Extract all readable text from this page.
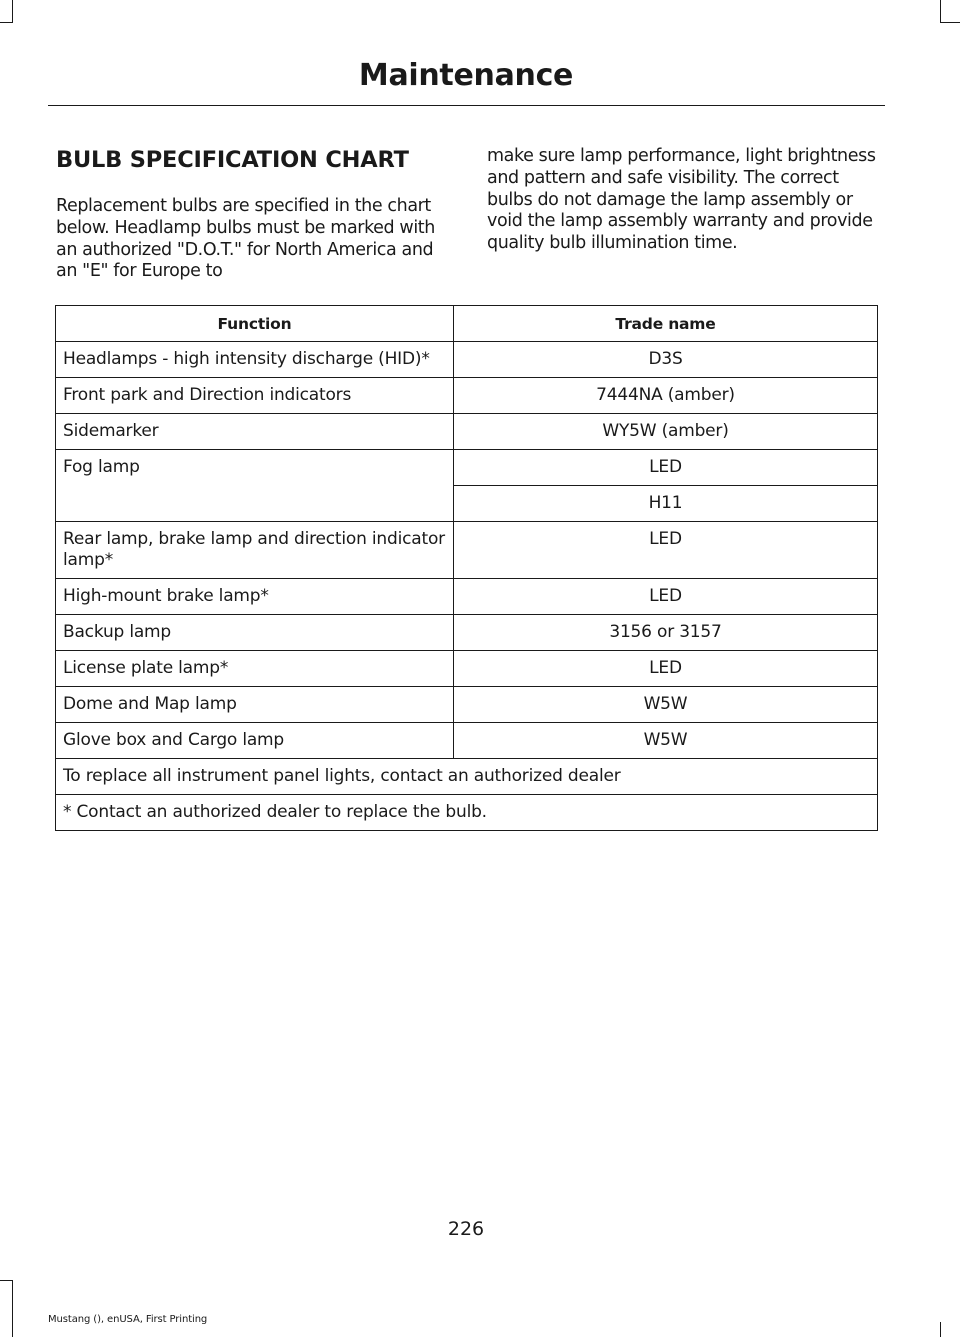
Maintenance
BULB SPECIFICATION CHART

Replacement bulbs are specified in the chart below. Headlamp bulbs must be marked with an authorized "D.O.T." for North America and an "E" for Europe to

make sure lamp performance, light brightness and pattern and safe visibility. The correct bulbs do not damage the lamp assembly or void the lamp assembly warranty and provide quality bulb illumination time.

Function	Trade name
Headlamps - high intensity discharge (HID)*	D3S
Front park and Direction indicators	7444NA (amber)
Sidemarker	WY5W (amber)
Fog lamp	LED
	H11
Rear lamp, brake lamp and direction indicator lamp*	LED
High-mount brake lamp*	LED
Backup lamp	3156 or 3157
License plate lamp*	LED
Dome and Map lamp	W5W
Glove box and Cargo lamp	W5W
To replace all instrument panel lights, contact an authorized dealer	
* Contact an authorized dealer to replace the bulb.	
226
Mustang (), enUSA, First Printing
